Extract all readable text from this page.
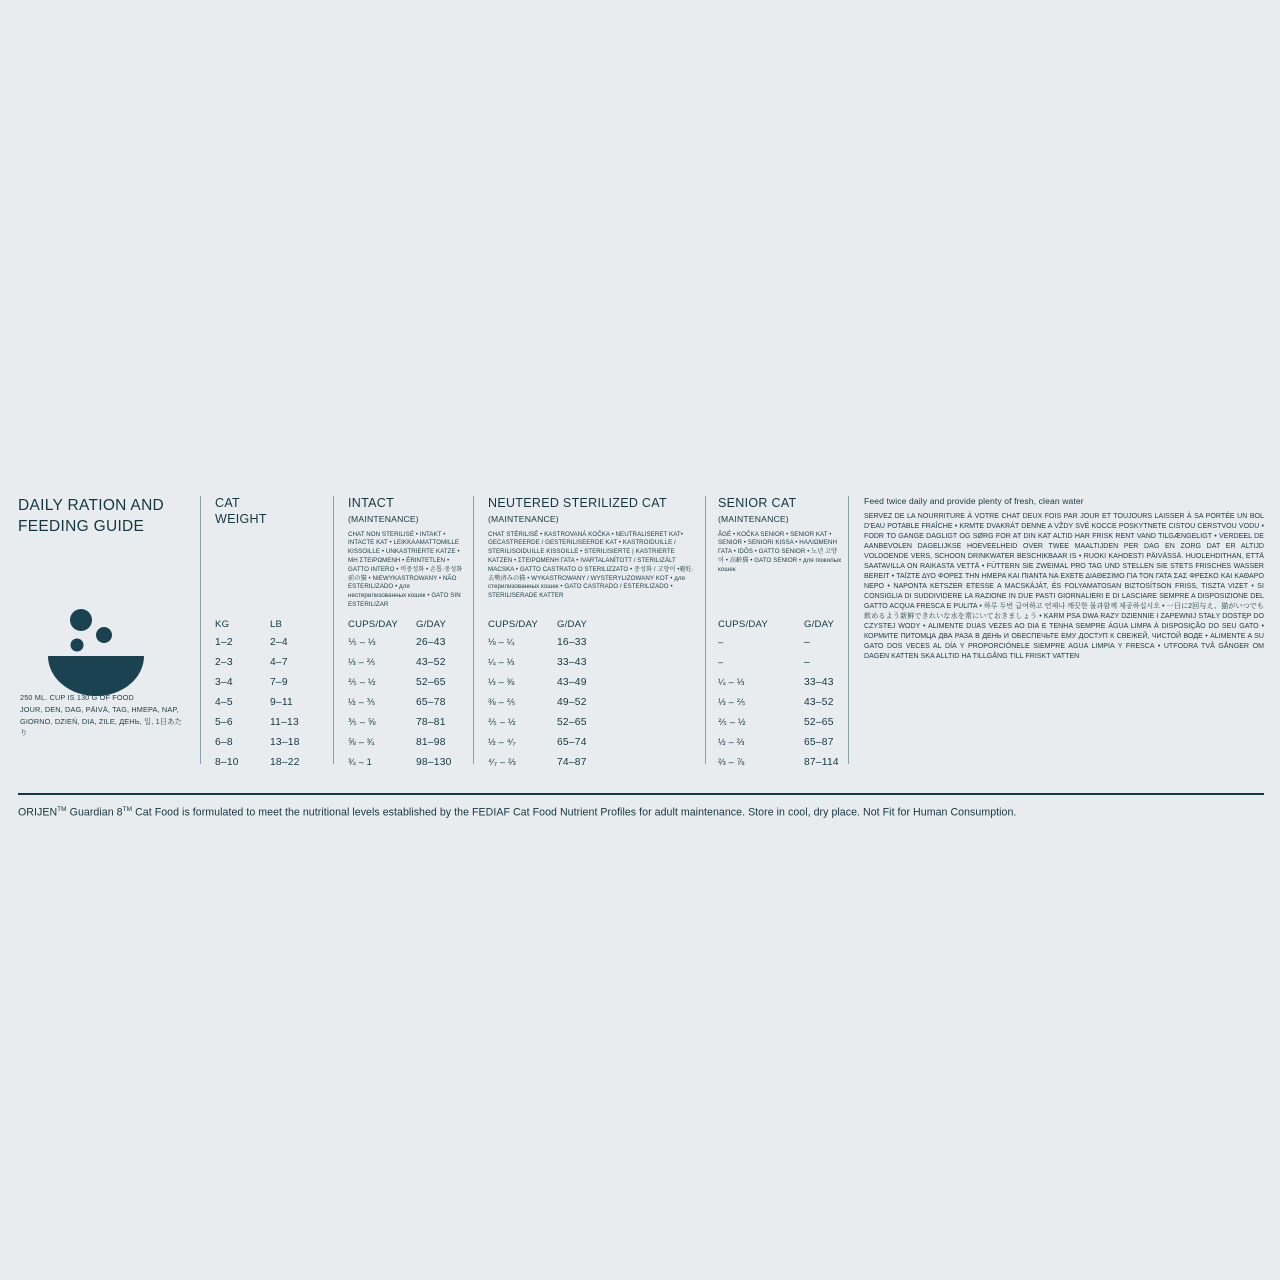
DAILY RATION AND
FEEDING GUIDE
250 ML. CUP IS 130 G OF FOOD
JOUR, DEN, DAG, PÄIVÄ, TAG, HMEPA, NAP, GIORNO, DZIEŃ, DIA, ZILE, ДЕНЬ, 일, 1日あたり
CAT
WEIGHT
INTACT
(MAINTENANCE)
CHAT NON STERILISÉ • INTAKT • INTACTE KAT • LEIKKAAMATTOMILLE KISSOILLE • UNKASTRIERTE KATZE • ΜΗ ΣΤΕΙΡΩΜΕΝΗ • ÉRINTETLEN • GATTO INTERO • 비중성화 • 손톱·중성화 前の猫 • NIEWYKASTROWANY • NÃO ESTERILIZADO • для нестерилизованных кошек • GATO SIN ESTERILIZAR
NEUTERED STERILIZED CAT
(MAINTENANCE)
CHAT STÉRILISÉ • KASTROVANÁ KOČKA • NEUTRALISERET KAT• GECASTREERDE / GESTERILISEERDE KAT • KASTROIDUILLE / STERILISOIDUILLE KISSOILLE • STERILISIERTE | KASTRIERTE KATZEN • ΣΤΕΙΡΩΜΕΝΗ ΓΑΤΑ • IVARTALANÍTOTT / STERILIZÁLT MACSKA • GATTO CASTRATO O STERILIZZATO • 중성화 / 고양이 •避妊·去勢済みの猫 • WYKASTROWANY / WYSTERYLIZOWANY KOT • для стерилизованных кошек • GATO CASTRADO / ESTERILIZADO • STERILISERADE KATTER
SENIOR CAT
(MAINTENANCE)
ÂGÉ • KOČKA SENIOR • SENIOR KAT • SENIOR • SENIORI KISSA • HAΛΙΩΜΕΝΗ ΓΑΤΑ • IDŐS • GATTO SENIOR • 노년 고양이 • 高齢猫 • GATO SENIOR • для пожилых кошек
KG	LB	CUPS/DAY G/DAY	CUPS/DAY G/DAY	CUPS/DAY	G/DAY
1–2	2–4	⅕ – ⅓	26–43	⅛ – ¼	16–33	–	–
2–3	4–7	⅓ – ⅖	43–52	¼ – ⅓	33–43	–	–
3–4	7–9	⅖ – ½	52–65	⅓ – ⅜	43–49	¼ – ⅓	33–43
4–5	9–11	½ – ⅗	65–78	⅜ – ⅖	49–52	⅓ – ⅖	43–52
5–6	11–13	⅗ – ⅝	78–81	⅖ – ½	52–65	⅖ – ½	52–65
6–8	13–18	⅝ – ¾	81–98	½ – ⁴⁄₇	65–74	½ – ⅔	65–87
8–10	18–22	¾ – 1	98–130	⁴⁄₇ – ⅔	74–87	⅔ – ⅞	87–114
Feed twice daily and provide plenty of fresh, clean water
SERVEZ DE LA NOURRITURE À VOTRE CHAT DEUX FOIS PAR JOUR ET TOUJOURS LAISSER À SA PORTÉE UN BOL D'EAU POTABLE FRAÎCHE • KRMTE DVAKRÁT DENNE A VŽDY SVÉ KOCCE POSKYTNETE CISTOU CERSTVOU VODU • FODR TO GANGE DAGLIGT OG SØRG FOR AT DIN KAT ALTID HAR FRISK RENT VAND TILGÆNGELIGT • VERDEEL DE AANBEVOLEN DAGELIJKSE HOEVEELHEID OVER TWEE MAALTIJDEN PER DAG EN ZORG DAT ER ALTIJD VOLDOENDE VERS, SCHOON DRINKWATER BESCHIKBAAR IS • RUOKI KAHDESTI PÄIVÄSSÄ. HUOLEHDITHAN, ETTÄ SAATAVILLA ON RAIKASTA VETTÄ • FÜTTERN SIE ZWEIMAL PRO TAG UND STELLEN SIE STETS FRISCHES WASSER BEREIT • ΤΑΪΖΤΕ ΔΥΟ ΦΟΡΕΣ ΤΗΝ ΗΜΕΡΑ ΚΑΙ ΠΙΑΝΤΑ ΝΑ ΕΧΕΤΕ ΔΙΑΘΕΣΙΜΟ ΓΙΑ ΤΟΝ ΓΑΤΑ ΣΑΣ ΦΡΕΣΚΟ ΚΑΙ ΚΑΘΑΡΟ ΝΕΡΟ • ΝΑΡΟΝΤΑ ΚΕΤSZER ETESSE A MACSKÁJÁT, ÉS FOLYAMATOSAN BIZTOSÍTSON FRISS, TISZTA VIZET • SI CONSIGLIA DI SUDDIVIDERE LA RAZIONE IN DUE PASTI GIORNALIERI E DI LASCIARE SEMPRE A DISPOSIZIONE DEL GATTO ACQUA FRESCA E PULITA • 하루 두번 급여하고 언제나 깨끗한 물과함께 제공하십시오 • 一日に2回与え、猫がいつでも飲めるよう新鮮できれいな水を常にいておきましょう • KARM PSA DWA RAZY DZIENNIE I ZAPEWNIJ STAŁY DOSTĘP DO CZYSTEJ WODY • ALIMENTE DUAS VEZES AO DIA E TENHA SEMPRE ÁGUA LIMPA À DISPOSIÇÃO DO SEU GATO • КОРМИТЕ ПИТОМЦА ДВА РАЗА В ДЕНЬ И ОБЕСПЕЧЬТЕ ЕМУ ДОСТУП К СВЕЖЕЙ, ЧИСТОЙ ВОДЕ • ALIMENTE A SU GATO DOS VECES AL DÍA Y PROPORCIÓNELE SIEMPRE AGUA LIMPIA Y FRESCA • UTFODRA TVÅ GÅNGER OM DAGEN KATTEN SKA ALLTID HA TILLGÅNG TILL FRISKT VATTEN
ORIJEN™ Guardian 8™ Cat Food is formulated to meet the nutritional levels established by the FEDIAF Cat Food Nutrient Profiles for adult maintenance. Store in cool, dry place. Not Fit for Human Consumption.
